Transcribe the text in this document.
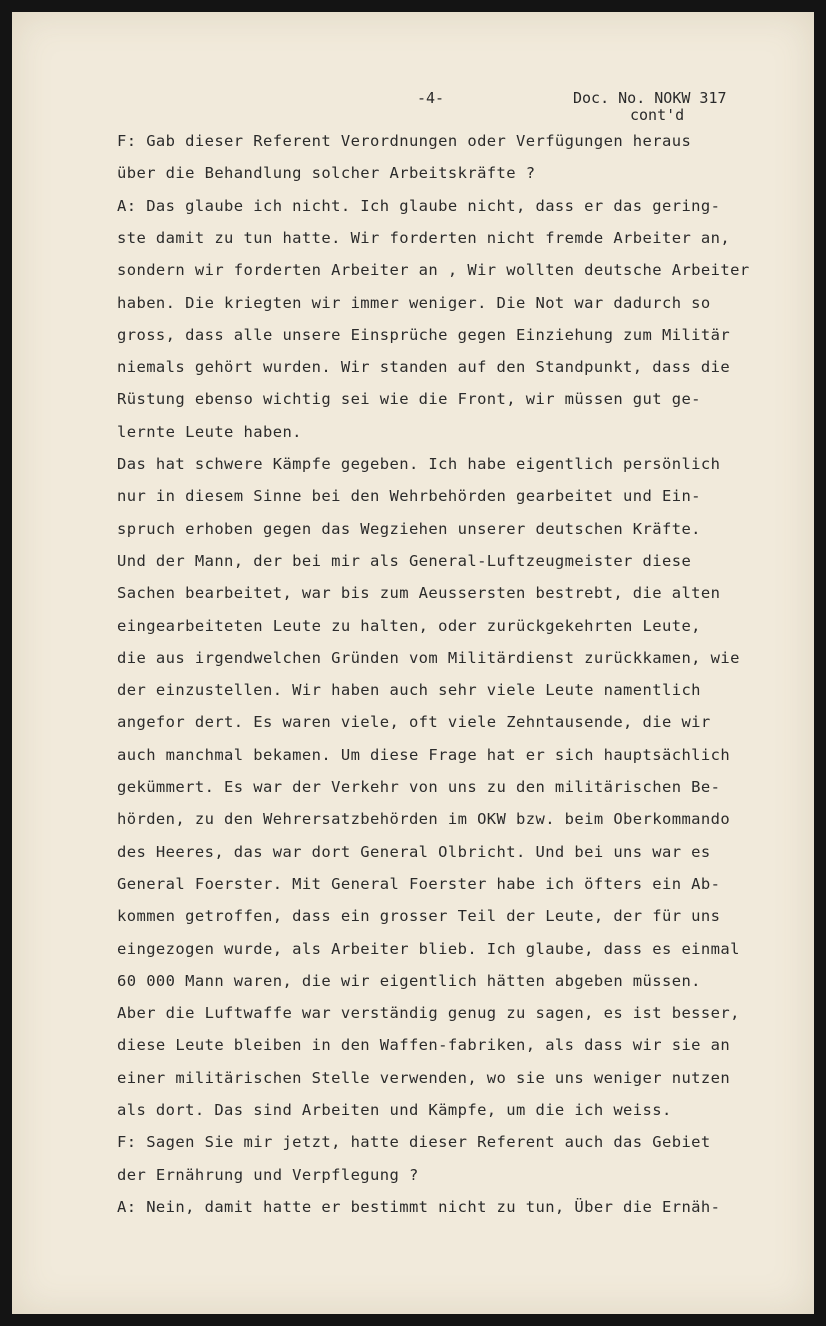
-4-	Doc. No. NOKW 317
cont'd
F: Gab dieser Referent Verordnungen oder Verfügungen heraus
über die Behandlung solcher Arbeitskräfte ?
A: Das glaube ich nicht. Ich glaube nicht, dass er das gering-
ste damit zu tun hatte. Wir forderten nicht fremde Arbeiter an,
sondern wir forderten Arbeiter an , Wir wollten deutsche Arbeiter
haben. Die kriegten wir immer weniger. Die Not war dadurch so
gross, dass alle unsere Einsprüche gegen Einziehung zum Militär
niemals gehört wurden. Wir standen auf den Standpunkt, dass die
Rüstung ebenso wichtig sei wie die Front, wir müssen gut ge-
lernte Leute haben.
Das hat schwere Kämpfe gegeben. Ich habe eigentlich persönlich
nur in diesem Sinne bei den Wehrbehörden gearbeitet und Ein-
spruch erhoben gegen das Wegziehen unserer deutschen Kräfte.
Und der Mann, der bei mir als General-Luftzeugmeister diese
Sachen bearbeitet, war bis zum Aeussersten bestrebt, die alten
eingearbeiteten Leute zu halten, oder zurückgekehrten Leute,
die aus irgendwelchen Gründen vom Militärdienst zurückkamen, wie
der einzustellen. Wir haben auch sehr viele Leute namentlich
angefor dert. Es waren viele, oft viele Zehntausende, die wir
auch manchmal bekamen. Um diese Frage hat er sich hauptsächlich
gekümmert. Es war der Verkehr von uns zu den militärischen Be-
hörden, zu den Wehrersatzbehörden im OKW bzw. beim Oberkommando
des Heeres, das war dort General Olbricht. Und bei uns war es
General Foerster. Mit General Foerster habe ich öfters ein Ab-
kommen getroffen, dass ein grosser Teil der Leute, der für uns
eingezogen wurde, als Arbeiter blieb. Ich glaube, dass es einmal
60 000 Mann waren, die wir eigentlich hätten abgeben müssen.
Aber die Luftwaffe war verständig genug zu sagen, es ist besser,
diese Leute bleiben in den Waffen-fabriken, als dass wir sie an
einer militärischen Stelle verwenden, wo sie uns weniger nutzen
als dort. Das sind Arbeiten und Kämpfe, um die ich weiss.
F: Sagen Sie mir jetzt, hatte dieser Referent auch das Gebiet
der Ernährung und Verpflegung ?
A: Nein, damit hatte er bestimmt nicht zu tun, Über die Ernäh-
